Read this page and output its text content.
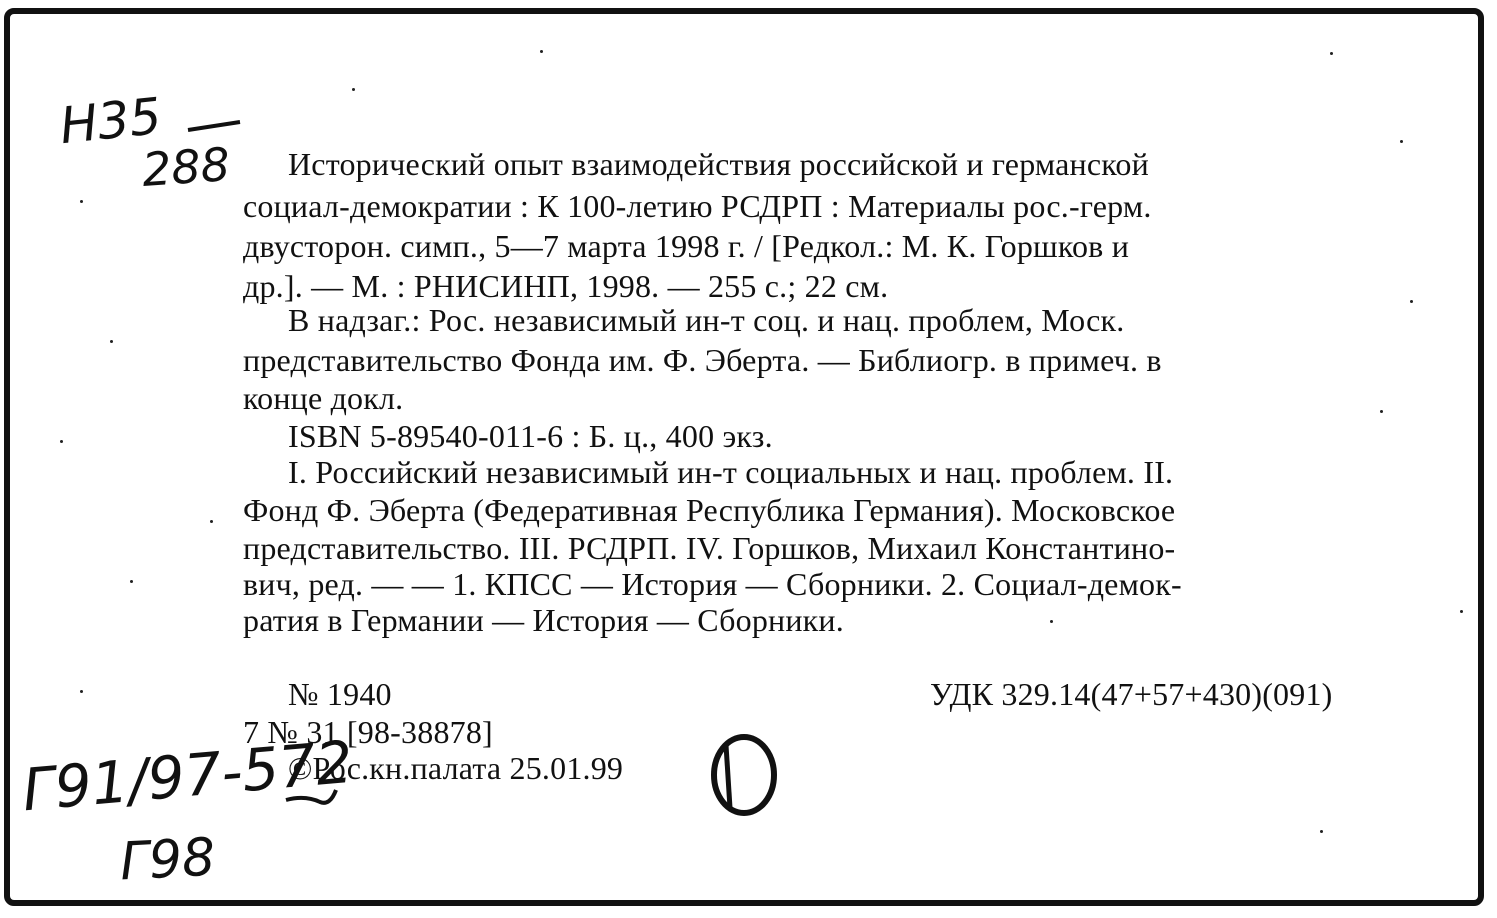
Н35
288
Г91/97-572
Г98
Исторический опыт взаимодействия российской и германской
социал-демократии : К 100-летию РСДРП : Материалы рос.-герм.
двусторон. симп., 5—7 марта 1998 г. / [Редкол.: М. К. Горшков и
др.]. — М. : РНИСИНП, 1998. — 255 с.; 22 см.
В надзаг.: Рос. независимый ин-т соц. и нац. проблем, Моск.
представительство Фонда им. Ф. Эберта. — Библиогр. в примеч. в
конце докл.
ISBN 5-89540-011-6 : Б. ц., 400 экз.
I. Российский независимый ин-т социальных и нац. проблем. II.
Фонд Ф. Эберта (Федеративная Республика Германия). Московское
представительство. III. РСДРП. IV. Горшков, Михаил Константино-
вич, ред. — — 1. КПСС — История — Сборники. 2. Социал-демок-
ратия в Германии — История — Сборники.
№ 1940	УДК 329.14(47+57+430)(091)
7 № 31 [98-38878]
©Рос.кн.палата 25.01.99
